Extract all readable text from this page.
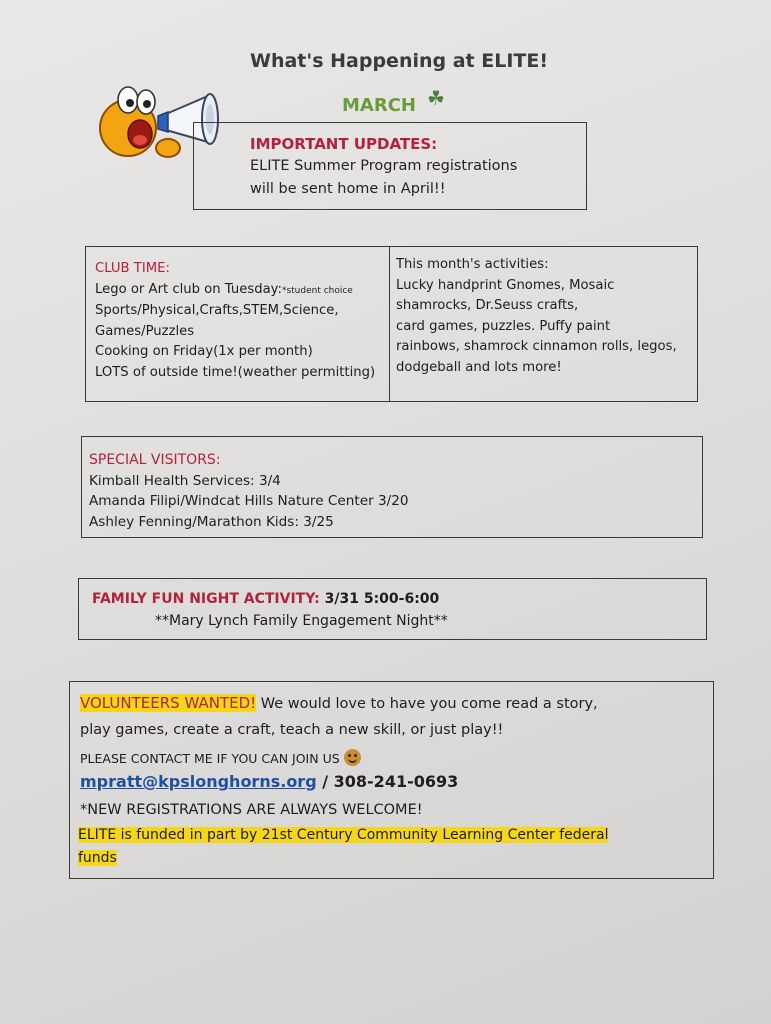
What's Happening at ELITE!
MARCH ☘
IMPORTANT UPDATES:
ELITE Summer Program registrations
will be sent home in April!!
CLUB TIME:
Lego or Art club on Tuesday:*student choice
Sports/Physical,Crafts,STEM,Science,
Games/Puzzles
Cooking on Friday(1x per month)
LOTS of outside time!(weather permitting)
This month's activities:
Lucky handprint Gnomes, Mosaic
shamrocks, Dr.Seuss crafts,
card games, puzzles. Puffy paint
rainbows, shamrock cinnamon rolls, legos,
dodgeball and lots more!
SPECIAL VISITORS:
Kimball Health Services: 3/4
Amanda Filipi/Windcat Hills Nature Center 3/20
Ashley Fenning/Marathon Kids: 3/25
FAMILY FUN NIGHT ACTIVITY: 3/31 5:00-6:00
**Mary Lynch Family Engagement Night**
VOLUNTEERS WANTED! We would love to have you come read a story,
play games, create a craft, teach a new skill, or just play!!
PLEASE CONTACT ME IF YOU CAN JOIN US
mpratt@kpslonghorns.org / 308-241-0693
*NEW REGISTRATIONS ARE ALWAYS WELCOME!
ELITE is funded in part by 21st Century Community Learning Center federal
funds
